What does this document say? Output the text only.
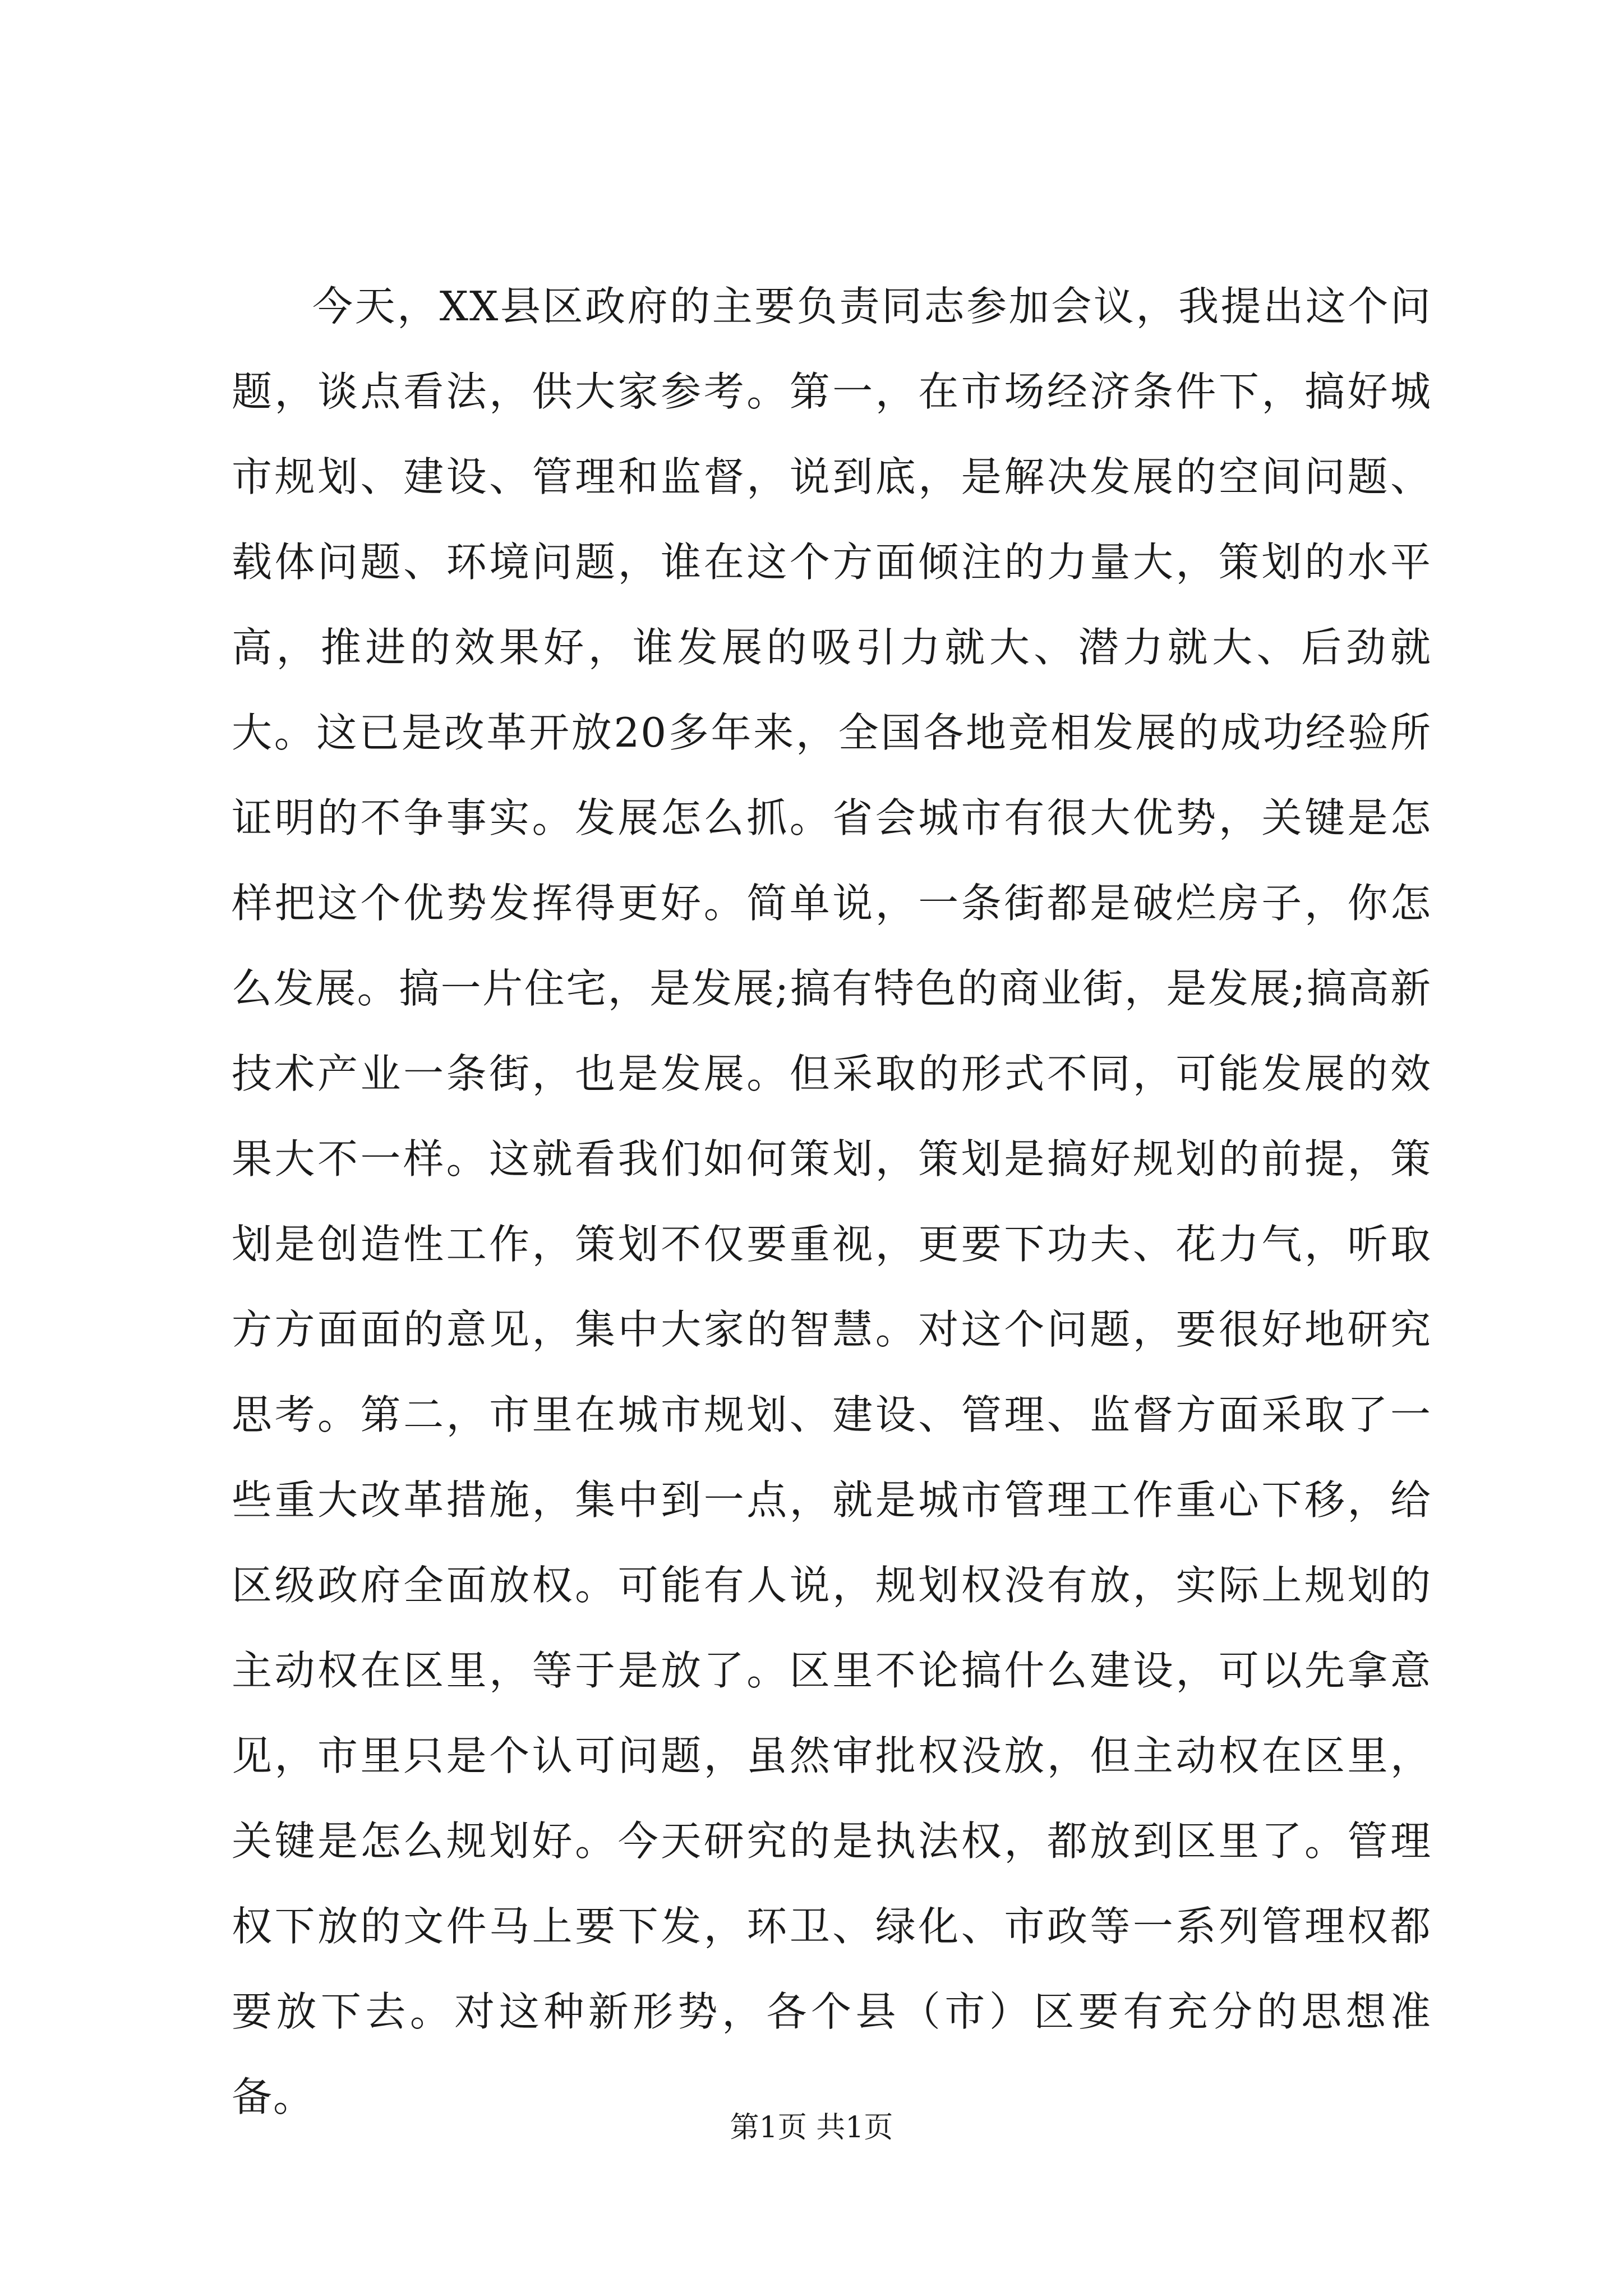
今天，XX县区政府的主要负责同志参加会议，我提出这个问题，谈点看法，供大家参考。第一，在市场经济条件下，搞好城市规划、建设、管理和监督，说到底，是解决发展的空间问题、载体问题、环境问题，谁在这个方面倾注的力量大，策划的水平高，推进的效果好，谁发展的吸引力就大、潜力就大、后劲就大。这已是改革开放20多年来，全国各地竞相发展的成功经验所证明的不争事实。发展怎么抓。省会城市有很大优势，关键是怎样把这个优势发挥得更好。简单说，一条街都是破烂房子，你怎么发展。搞一片住宅，是发展;搞有特色的商业街，是发展;搞高新技术产业一条街，也是发展。但采取的形式不同，可能发展的效果大不一样。这就看我们如何策划，策划是搞好规划的前提，策划是创造性工作，策划不仅要重视，更要下功夫、花力气，听取方方面面的意见，集中大家的智慧。对这个问题，要很好地研究思考。第二，市里在城市规划、建设、管理、监督方面采取了一些重大改革措施，集中到一点，就是城市管理工作重心下移，给区级政府全面放权。可能有人说，规划权没有放，实际上规划的主动权在区里，等于是放了。区里不论搞什么建设，可以先拿意见，市里只是个认可问题，虽然审批权没放，但主动权在区里，关键是怎么规划好。今天研究的是执法权，都放到区里了。管理权下放的文件马上要下发，环卫、绿化、市政等一系列管理权都要放下去。对这种新形势，各个县（市）区要有充分的思想准备。

第1页 共1页
